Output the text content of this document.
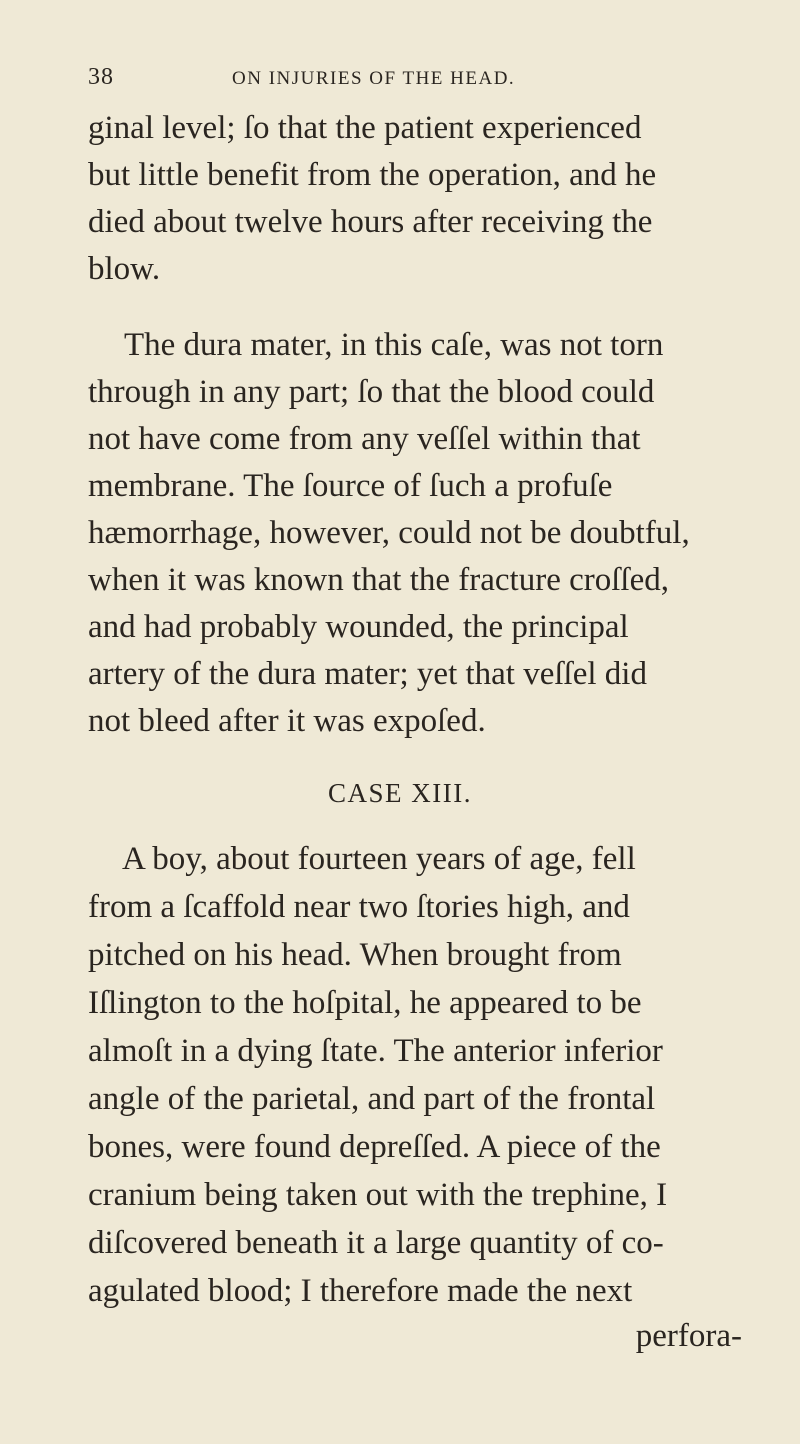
38	ON INJURIES OF THE HEAD.
ginal level; ſo that the patient experienced
but little benefit from the operation, and he
died about twelve hours after receiving the
blow.
The dura mater, in this caſe, was not torn
through in any part; ſo that the blood could
not have come from any veſſel within that
membrane. The ſource of ſuch a profuſe
hæmorrhage, however, could not be doubtful,
when it was known that the fracture croſſed,
and had probably wounded, the principal
artery of the dura mater; yet that veſſel did
not bleed after it was expoſed.
CASE XIII.
A boy, about fourteen years of age, fell
from a ſcaffold near two ſtories high, and
pitched on his head. When brought from
Iſlington to the hoſpital, he appeared to be
almoſt in a dying ſtate. The anterior inferior
angle of the parietal, and part of the frontal
bones, were found depreſſed. A piece of the
cranium being taken out with the trephine, I
diſcovered beneath it a large quantity of co-
agulated blood; I therefore made the next
perfora-
